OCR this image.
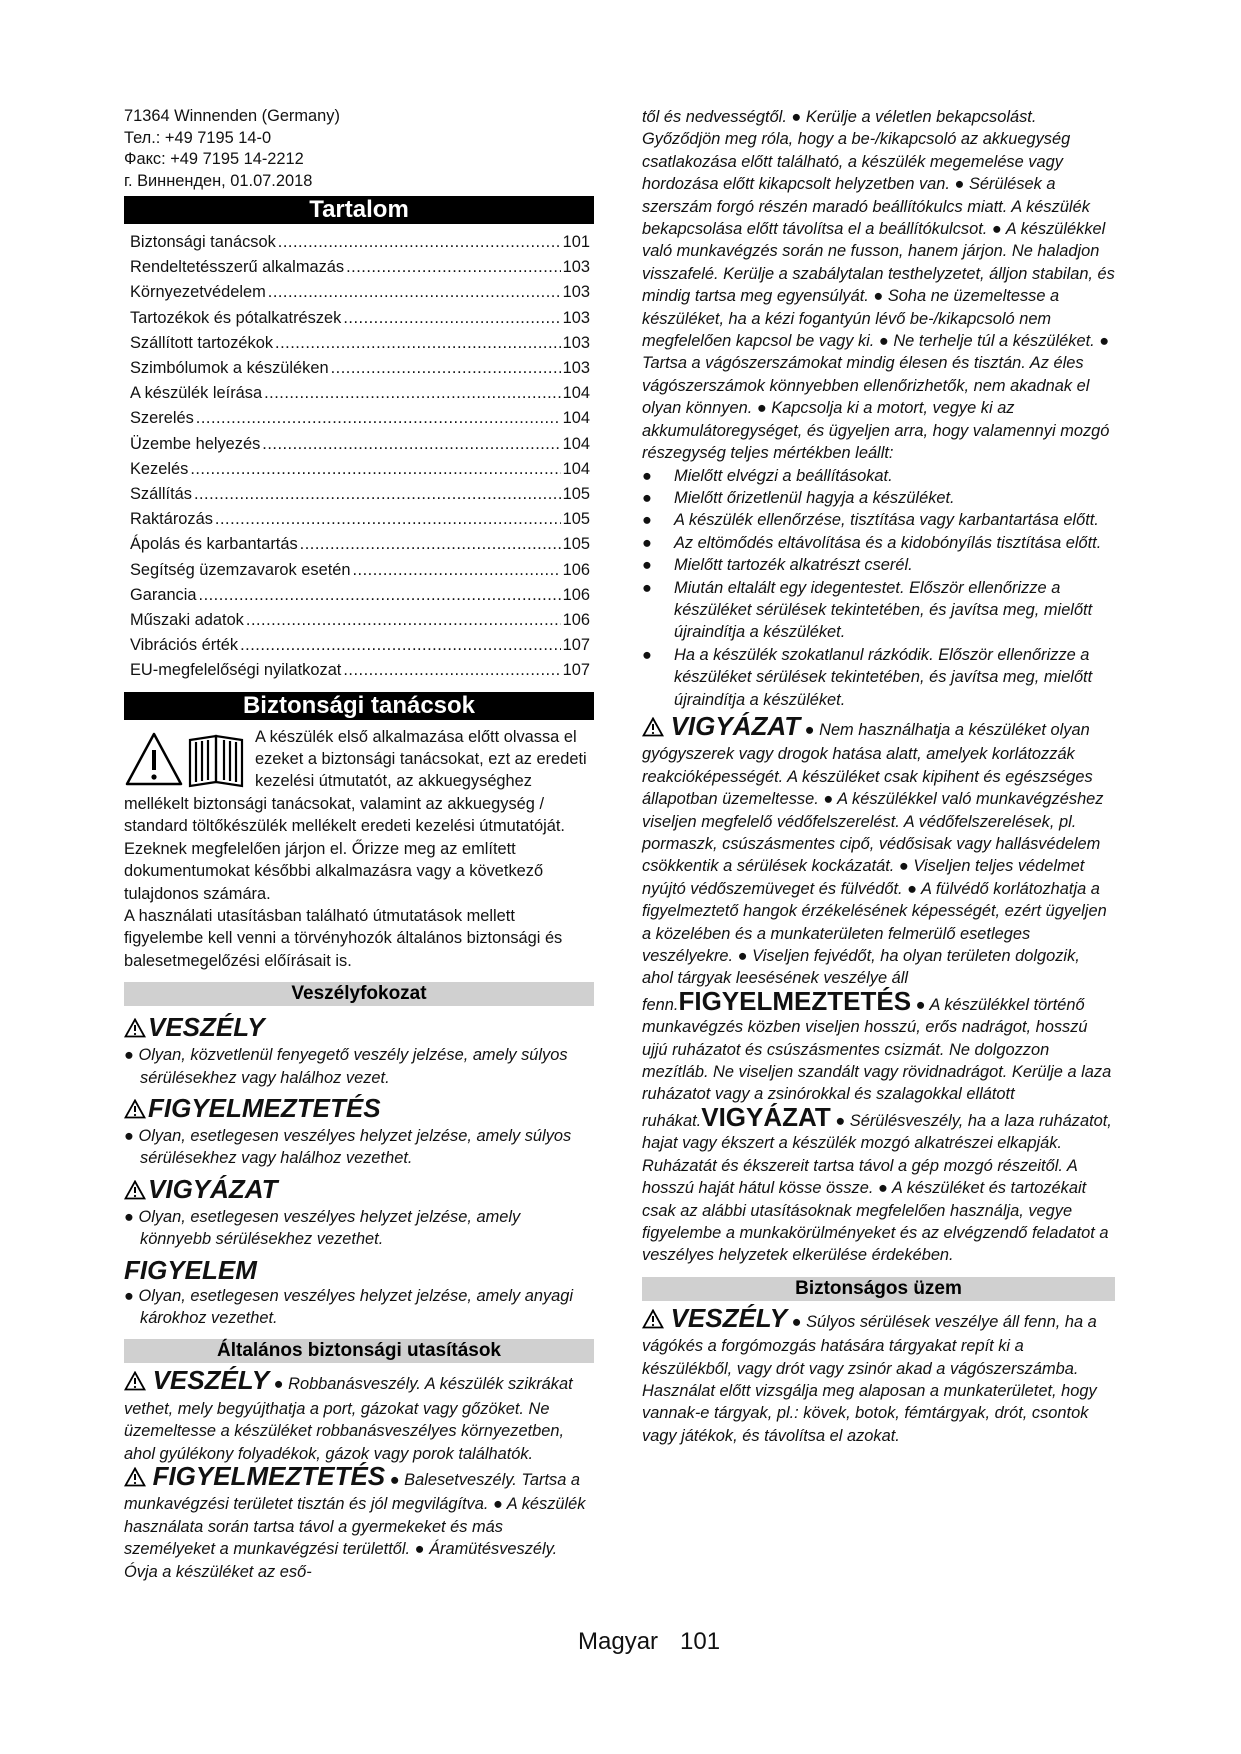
71364 Winnenden (Germany)
Тел.: +49 7195 14-0
Факс: +49 7195 14-2212
г. Винненден, 01.07.2018
Tartalom
Biztonsági tanácsok .....	101
Rendeltetésszerű alkalmazás .....	103
Környezetvédelem .....	103
Tartozékok és pótalkatrészek .....	103
Szállított tartozékok .....	103
Szimbólumok a készüléken .....	103
A készülék leírása .....	104
Szerelés .....	104
Üzembe helyezés .....	104
Kezelés .....	104
Szállítás .....	105
Raktározás .....	105
Ápolás és karbantartás .....	105
Segítség üzemzavarok esetén .....	106
Garancia .....	106
Műszaki adatok .....	106
Vibrációs érték .....	107
EU-megfelelőségi nyilatkozat .....	107
Biztonsági tanácsok
A készülék első alkalmazása előtt olvassa el ezeket a biztonsági tanácsokat, ezt az eredeti kezelési útmutatót, az akkuegységhez mellékelt biztonsági tanácsokat, valamint az akkuegység / standard töltőkészülék mellékelt eredeti kezelési útmutatóját. Ezeknek megfelelően járjon el. Őrizze meg az említett dokumentumokat későbbi alkalmazásra vagy a következő tulajdonos számára.
A használati utasításban található útmutatások mellett figyelembe kell venni a törvényhozók általános biztonsági és balesetmegelőzési előírásait is.
Veszélyfokozat
VESZÉLY
● Olyan, közvetlenül fenyegető veszély jelzése, amely súlyos sérülésekhez vagy halálhoz vezet.
FIGYELMEZTETÉS
● Olyan, esetlegesen veszélyes helyzet jelzése, amely súlyos sérülésekhez vagy halálhoz vezethet.
VIGYÁZAT
● Olyan, esetlegesen veszélyes helyzet jelzése, amely könnyebb sérülésekhez vezethet.
FIGYELEM
● Olyan, esetlegesen veszélyes helyzet jelzése, amely anyagi károkhoz vezethet.
Általános biztonsági utasítások
VESZÉLY ● Robbanásveszély. A készülék szikrákat vethet, mely begyújthatja a port, gázokat vagy gőzöket. Ne üzemeltesse a készüléket robbanásveszélyes környezetben, ahol gyúlékony folyadékok, gázok vagy porok találhatók.
FIGYELMEZTETÉS ● Balesetveszély. Tartsa a munkavégzési területet tisztán és jól megvilágítva. ● A készülék használata során tartsa távol a gyermekeket és más személyeket a munkavégzési területtől. ● Áramütésveszély. Óvja a készüléket az eső-
től és nedvességtől. ● Kerülje a véletlen bekapcsolást. Győződjön meg róla, hogy a be-/kikapcsoló az akkuegység csatlakozása előtt található, a készülék megemelése vagy hordozása előtt kikapcsolt helyzetben van. ● Sérülések a szerszám forgó részén maradó beállítókulcs miatt. A készülék bekapcsolása előtt távolítsa el a beállítókulcsot. ● A készülékkel való munkavégzés során ne fusson, hanem járjon. Ne haladjon visszafelé. Kerülje a szabálytalan testhelyzetet, álljon stabilan, és mindig tartsa meg egyensúlyát. ● Soha ne üzemeltesse a készüléket, ha a kézi fogantyún lévő be-/kikapcsoló nem megfelelően kapcsol be vagy ki. ● Ne terhelje túl a készüléket. ● Tartsa a vágószerszámokat mindig élesen és tisztán. Az éles vágószerszámok könnyebben ellenőrizhetők, nem akadnak el olyan könnyen. ● Kapcsolja ki a motort, vegye ki az akkumulátoregységet, és ügyeljen arra, hogy valamennyi mozgó részegység teljes mértékben leállt:
●	Mielőtt elvégzi a beállításokat.
●	Mielőtt őrizetlenül hagyja a készüléket.
●	A készülék ellenőrzése, tisztítása vagy karbantartása előtt.
●	Az eltömődés eltávolítása és a kidobónyílás tisztítása előtt.
●	Mielőtt tartozék alkatrészt cserél.
●	Miután eltalált egy idegentestet. Először ellenőrizze a készüléket sérülések tekintetében, és javítsa meg, mielőtt újraindítja a készüléket.
●	Ha a készülék szokatlanul rázkódik. Először ellenőrizze a készüléket sérülések tekintetében, és javítsa meg, mielőtt újraindítja a készüléket.
VIGYÁZAT ● Nem használhatja a készüléket olyan gyógyszerek vagy drogok hatása alatt, amelyek korlátozzák reakcióképességét. A készüléket csak kipihent és egészséges állapotban üzemeltesse. ● A készülékkel való munkavégzéshez viseljen megfelelő védőfelszerelést. A védőfelszerelések, pl. pormaszk, csúszásmentes cipő, védősisak vagy hallásvédelem csökkentik a sérülések kockázatát. ● Viseljen teljes védelmet nyújtó védőszemüveget és fülvédőt. ● A fülvédő korlátozhatja a figyelmeztető hangok érzékelésének képességét, ezért ügyeljen a közelében és a munkaterületen felmerülő esetleges veszélyekre. ● Viseljen fejvédőt, ha olyan területen dolgozik, ahol tárgyak leesésének veszélye áll fenn.FIGYELMEZTETÉS ● A készülékkel történő munkavégzés közben viseljen hosszú, erős nadrágot, hosszú ujjú ruházatot és csúszásmentes csizmát. Ne dolgozzon mezítláb. Ne viseljen szandált vagy rövidnadrágot. Kerülje a laza ruházatot vagy a zsinórokkal és szalagokkal ellátott ruhákat.VIGYÁZAT ● Sérülésveszély, ha a laza ruházatot, hajat vagy ékszert a készülék mozgó alkatrészei elkapják. Ruházatát és ékszereit tartsa távol a gép mozgó részeitől. A hosszú haját hátul kösse össze. ● A készüléket és tartozékait csak az alábbi utasításoknak megfelelően használja, vegye figyelembe a munkakörülményeket és az elvégzendő feladatot a veszélyes helyzetek elkerülése érdekében.
Biztonságos üzem
VESZÉLY ● Súlyos sérülések veszélye áll fenn, ha a vágókés a forgómozgás hatására tárgyakat repít ki a készülékből, vagy drót vagy zsinór akad a vágószerszámba. Használat előtt vizsgálja meg alaposan a munkaterületet, hogy vannak-e tárgyak, pl.: kövek, botok, fémtárgyak, drót, csontok vagy játékok, és távolítsa el azokat.
Magyar 101
